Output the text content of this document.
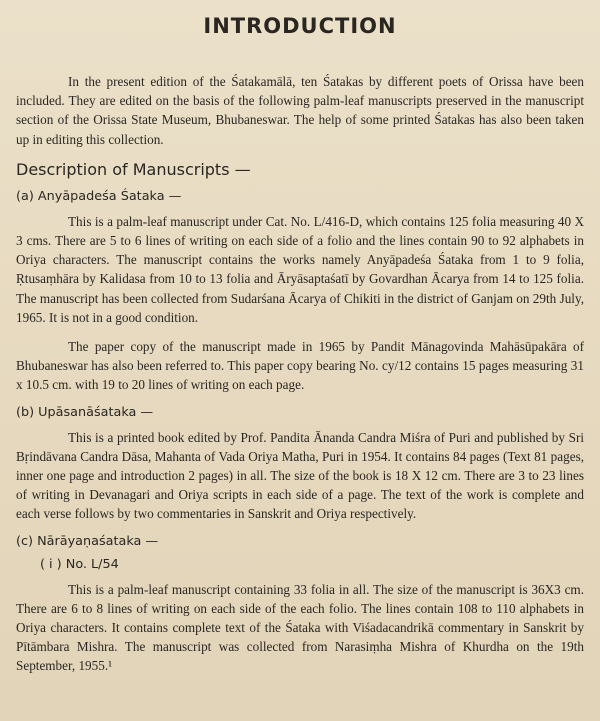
INTRODUCTION

In the present edition of the Śatakamālā, ten Śatakas by different poets of Orissa have been included. They are edited on the basis of the following palm-leaf manuscripts preserved in the manuscript section of the Orissa State Museum, Bhubaneswar. The help of some printed Śatakas has also been taken up in editing this collection.

Description of Manuscripts —
(a) Anyāpadeśa Śataka —

This is a palm-leaf manuscript under Cat. No. L/416-D, which contains 125 folia measuring 40 X 3 cms. There are 5 to 6 lines of writing on each side of a folio and the lines contain 90 to 92 alphabets in Oriya characters. The manuscript contains the works namely Anyāpadeśa Śataka from 1 to 9 folia, Ṛtusaṃhāra by Kalidasa from 10 to 13 folia and Āryāsaptaśatī by Govardhan Ācarya from 14 to 125 folia. The manuscript has been collected from Sudarśana Ācarya of Chikiti in the district of Ganjam on 29th July, 1965. It is not in a good condition.

The paper copy of the manuscript made in 1965 by Pandit Mānagovinda Mahāsūpakāra of Bhubaneswar has also been referred to. This paper copy bearing No. cy/12 contains 15 pages measuring 31 x 10.5 cm. with 19 to 20 lines of writing on each page.

(b) Upāsanāśataka —

This is a printed book edited by Prof. Pandita Ānanda Candra Miśra of Puri and published by Sri Bṛindāvana Candra Dāsa, Mahanta of Vada Oriya Matha, Puri in 1954. It contains 84 pages (Text 81 pages, inner one page and introduction 2 pages) in all. The size of the book is 18 X 12 cm. There are 3 to 23 lines of writing in Devanagari and Oriya scripts in each side of a page. The text of the work is complete and each verse follows by two commentaries in Sanskrit and Oriya respectively.

(c) Nārāyaṇaśataka —
( i ) No. L/54

This is a palm-leaf manuscript containing 33 folia in all. The size of the manuscript is 36X3 cm. There are 6 to 8 lines of writing on each side of the each folio. The lines contain 108 to 110 alphabets in Oriya characters. It contains complete text of the Śataka with Viśadacandrikā commentary in Sanskrit by Pītāmbara Mishra. The manuscript was collected from Narasiṃha Mishra of Khurdha on the 19th September, 1955.¹
